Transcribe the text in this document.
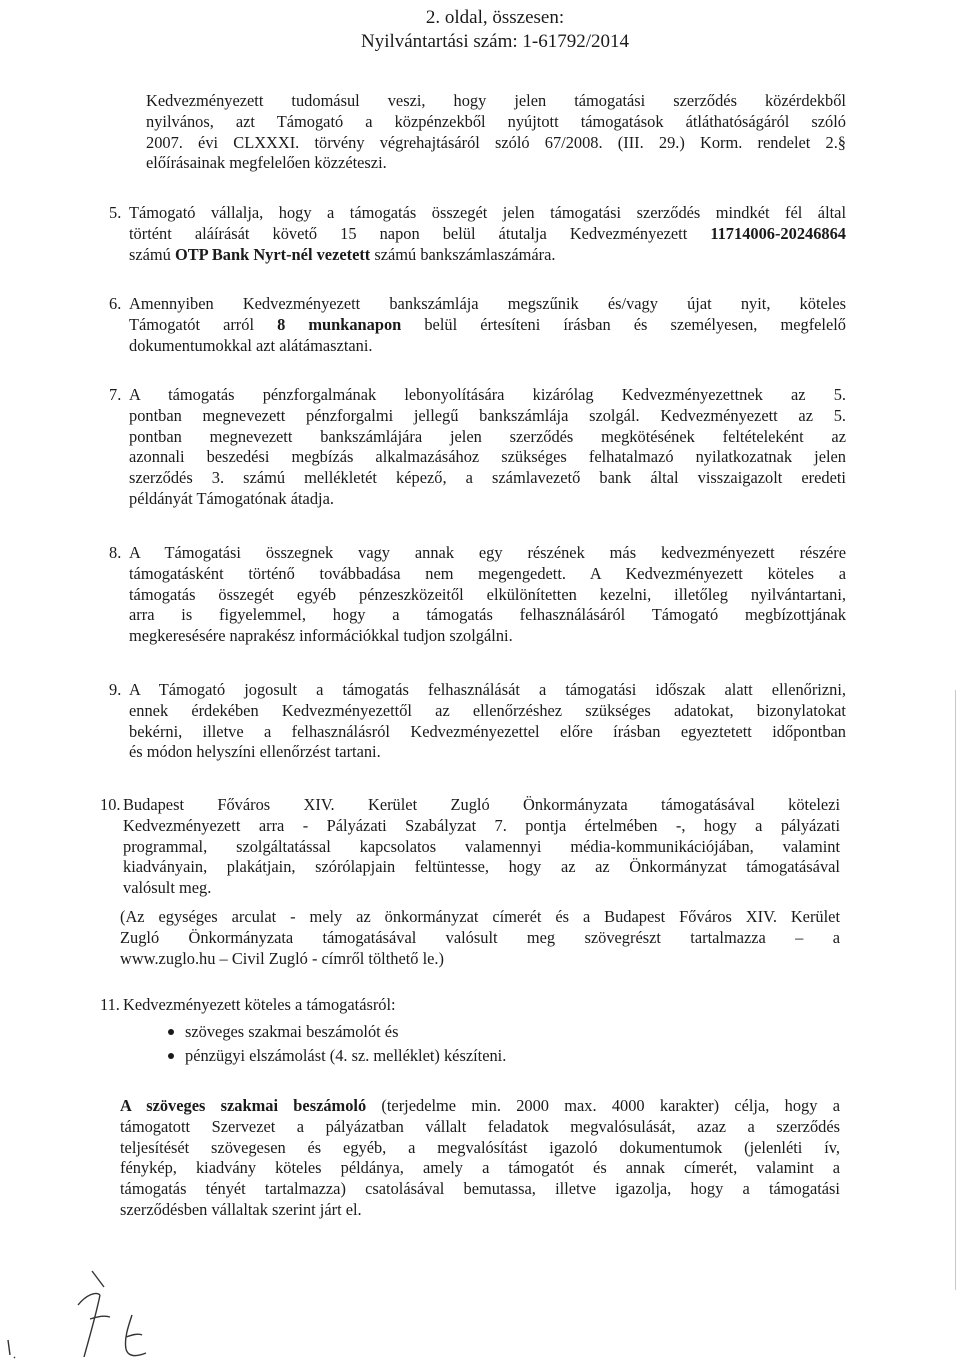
2. oldal, összesen:
Nyilvántartási szám: 1-61792/2014
Kedvezményezett tudomásul veszi, hogy jelen támogatási szerződés közérdekből
nyilvános, azt Támogató a közpénzekből nyújtott támogatások átláthatóságáról szóló
2007. évi CLXXXI. törvény végrehajtásáról szóló 67/2008. (III. 29.) Korm. rendelet 2.§
előírásainak megfelelően közzéteszi.
5. Támogató vállalja, hogy a támogatás összegét jelen támogatási szerződés mindkét fél által
történt aláírását követő 15 napon belül átutalja Kedvezményezett 11714006-20246864
számú OTP Bank Nyrt-nél vezetett számú bankszámlaszámára.
6. Amennyiben Kedvezményezett bankszámlája megszűnik és/vagy újat nyit, köteles
Támogatót arról 8 munkanapon belül értesíteni írásban és személyesen, megfelelő
dokumentumokkal azt alátámasztani.
7. A támogatás pénzforgalmának lebonyolítására kizárólag Kedvezményezettnek az 5.
pontban megnevezett pénzforgalmi jellegű bankszámlája szolgál. Kedvezményezett az 5.
pontban megnevezett bankszámlájára jelen szerződés megkötésének feltételeként az
azonnali beszedési megbízás alkalmazásához szükséges felhatalmazó nyilatkozatnak jelen
szerződés 3. számú mellékletét képező, a számlavezető bank által visszaigazolt eredeti
példányát Támogatónak átadja.
8. A Támogatási összegnek vagy annak egy részének más kedvezményezett részére
támogatásként történő továbbadása nem megengedett. A Kedvezményezett köteles a
támogatás összegét egyéb pénzeszközeitől elkülönítetten kezelni, illetőleg nyilvántartani,
arra is figyelemmel, hogy a támogatás felhasználásáról Támogató megbízottjának
megkeresésére naprakész információkkal tudjon szolgálni.
9. A Támogató jogosult a támogatás felhasználását a támogatási időszak alatt ellenőrizni,
ennek érdekében Kedvezményezettől az ellenőrzéshez szükséges adatokat, bizonylatokat
bekérni, illetve a felhasználásról Kedvezményezettel előre írásban egyeztetett időpontban
és módon helyszíni ellenőrzést tartani.
10. Budapest Főváros XIV. Kerület Zugló Önkormányzata támogatásával kötelezi
Kedvezményezett arra - Pályázati Szabályzat 7. pontja értelmében -, hogy a pályázati
programmal, szolgáltatással kapcsolatos valamennyi média-kommunikációjában, valamint
kiadványain, plakátjain, szórólapjain feltüntesse, hogy az az Önkormányzat támogatásával
valósult meg.
(Az egységes arculat - mely az önkormányzat címerét és a Budapest Főváros XIV. Kerület
Zugló Önkormányzata támogatásával valósult meg szövegrészt tartalmazza – a
www.zuglo.hu – Civil Zugló - címről tölthető le.)
11. Kedvezményezett köteles a támogatásról:
szöveges szakmai beszámolót és
pénzügyi elszámolást (4. sz. melléklet) készíteni.
A szöveges szakmai beszámoló (terjedelme min. 2000 max. 4000 karakter) célja, hogy a
támogatott Szervezet a pályázatban vállalt feladatok megvalósulását, azaz a szerződés
teljesítését szövegesen és egyéb, a megvalósítást igazoló dokumentumok (jelenléti ív,
fénykép, kiadvány köteles példánya, amely a támogatót és annak címerét, valamint a
támogatás tényét tartalmazza) csatolásával bemutassa, illetve igazolja, hogy a támogatási
szerződésben vállaltak szerint járt el.
